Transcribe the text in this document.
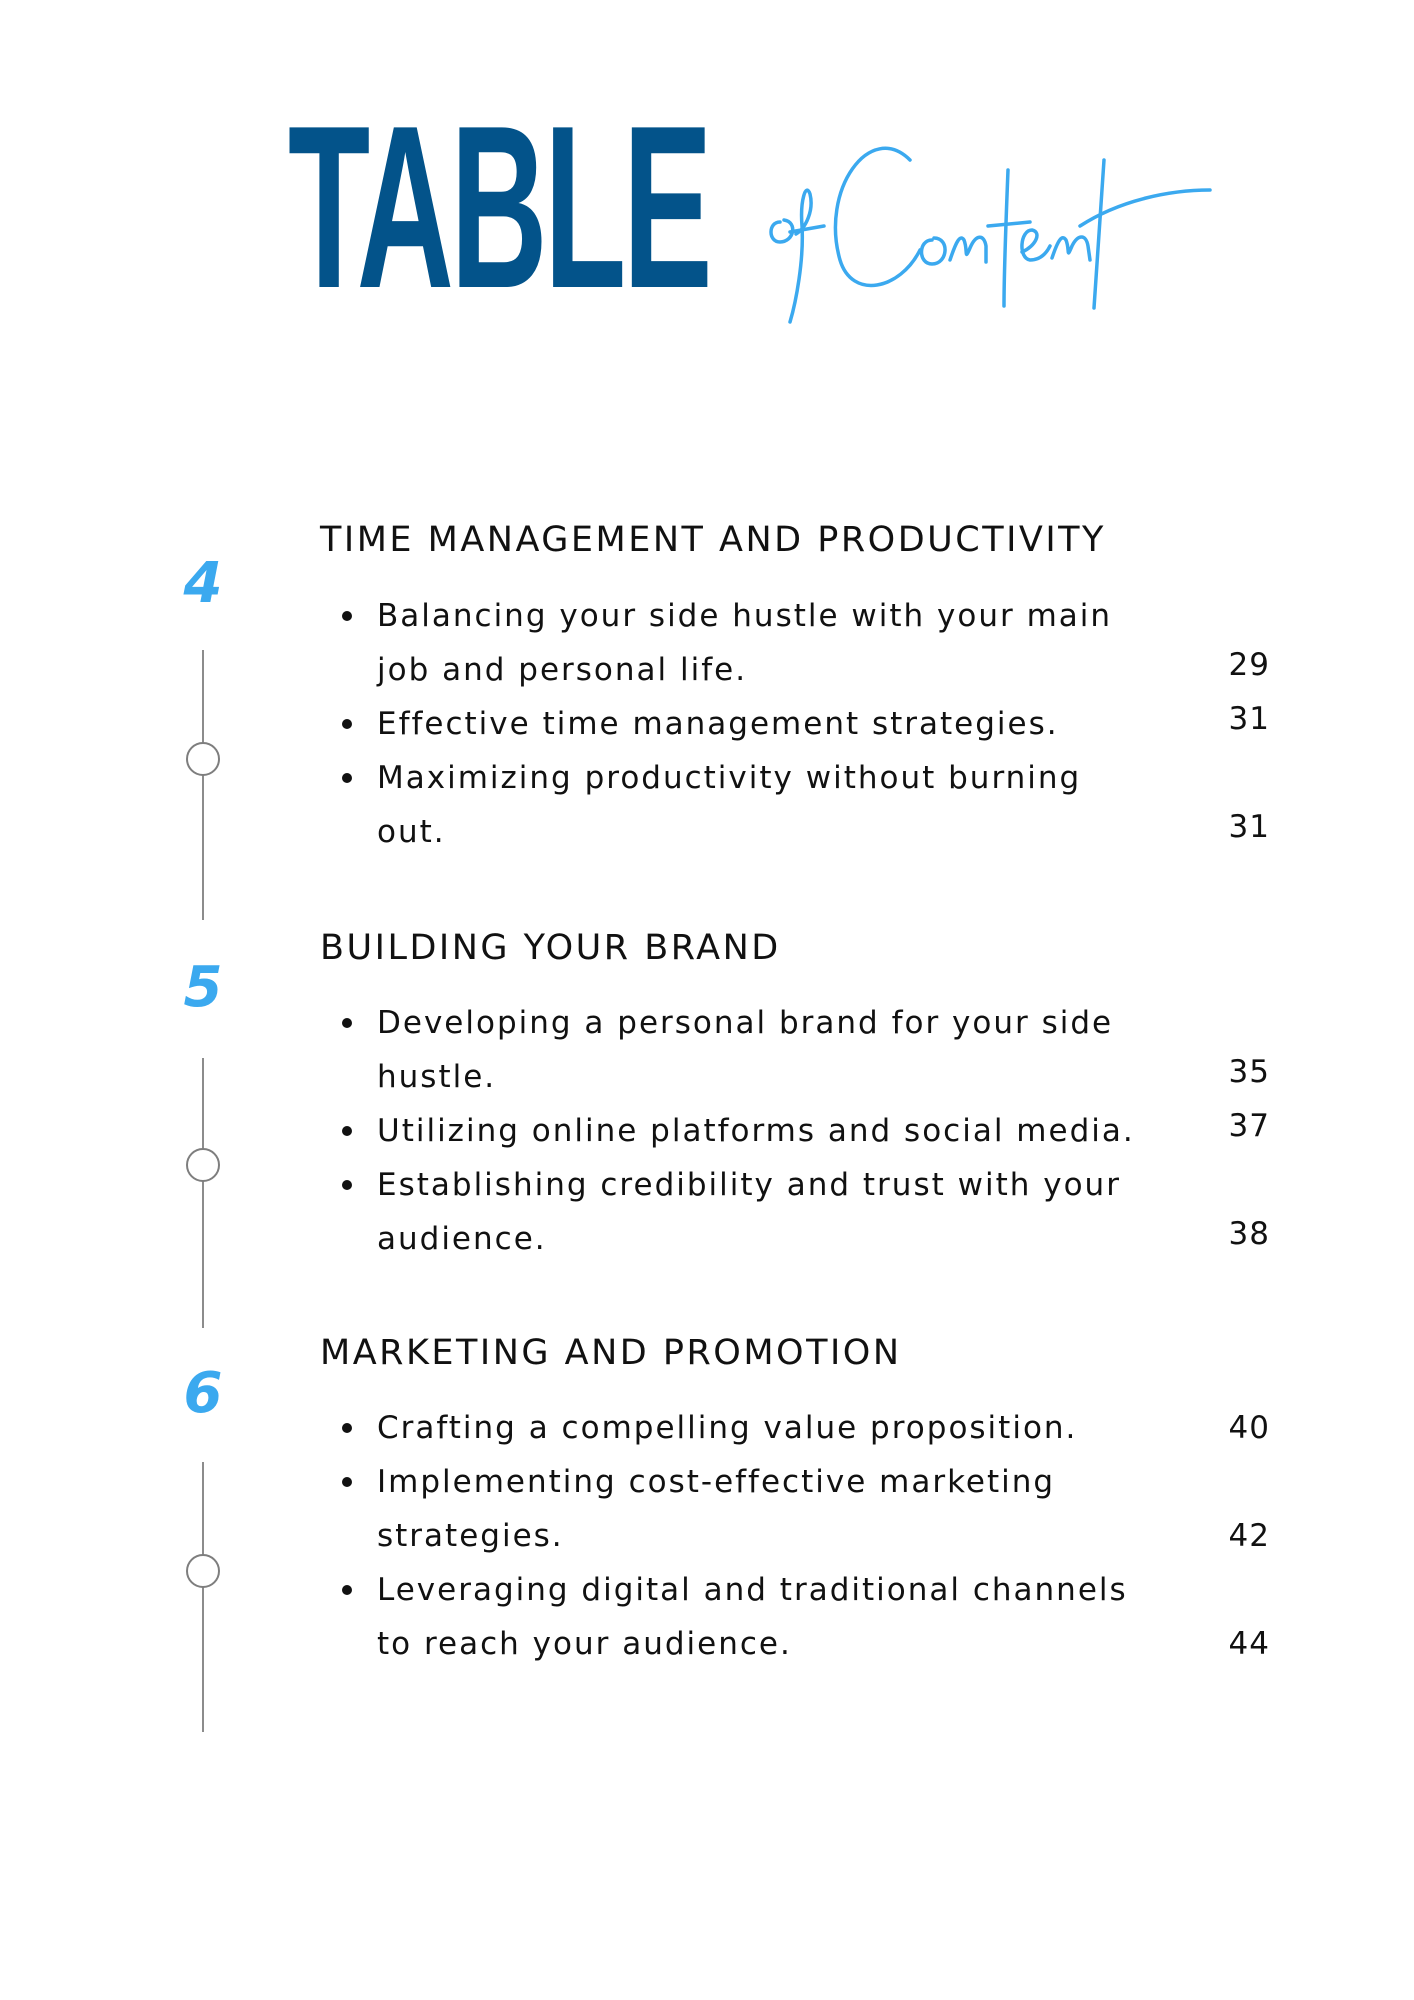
TABLE
4
TIME MANAGEMENT AND PRODUCTIVITY
Balancing your side hustle with your main
job and personal life.	29
Effective time management strategies.	31
Maximizing productivity without burning
out.	31
5
BUILDING YOUR BRAND
Developing a personal brand for your side
hustle.	35
Utilizing online platforms and social media.	37
Establishing credibility and trust with your
audience.	38
6
MARKETING AND PROMOTION
Crafting a compelling value proposition.	40
Implementing cost-effective marketing
strategies.	42
Leveraging digital and traditional channels
to reach your audience.	44
